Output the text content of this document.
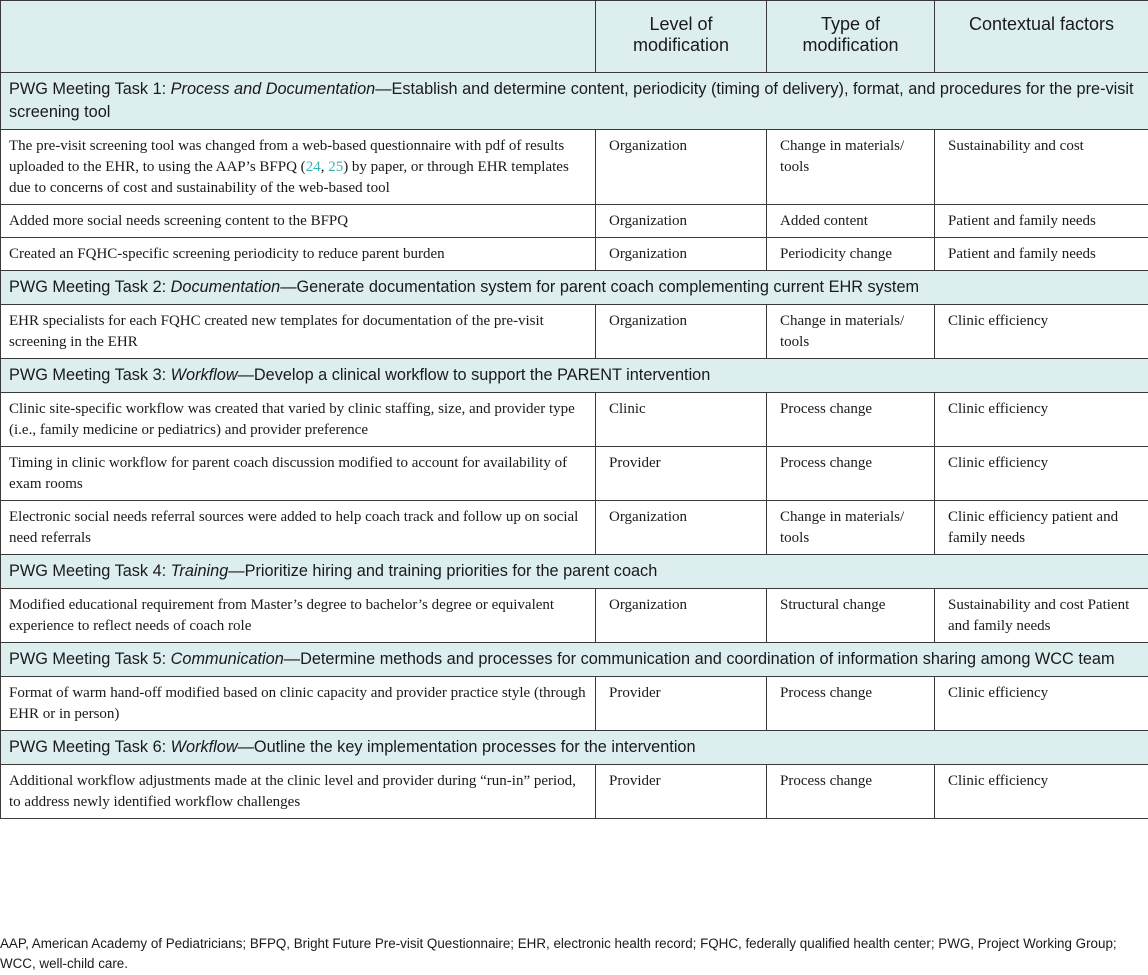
	Level of modification	Type of modification	Contextual factors
PWG Meeting Task 1: Process and Documentation—Establish and determine content, periodicity (timing of delivery), format, and procedures for the pre-visit screening tool			
The pre-visit screening tool was changed from a web-based questionnaire with pdf of results uploaded to the EHR, to using the AAP’s BFPQ (24, 25) by paper, or through EHR templates due to concerns of cost and sustainability of the web-based tool	Organization	Change in materials/ tools	Sustainability and cost
Added more social needs screening content to the BFPQ	Organization	Added content	Patient and family needs
Created an FQHC-specific screening periodicity to reduce parent burden	Organization	Periodicity change	Patient and family needs
PWG Meeting Task 2: Documentation—Generate documentation system for parent coach complementing current EHR system			
EHR specialists for each FQHC created new templates for documentation of the pre-visit screening in the EHR	Organization	Change in materials/ tools	Clinic efficiency
PWG Meeting Task 3: Workflow—Develop a clinical workflow to support the PARENT intervention			
Clinic site-specific workflow was created that varied by clinic staffing, size, and provider type (i.e., family medicine or pediatrics) and provider preference	Clinic	Process change	Clinic efficiency
Timing in clinic workflow for parent coach discussion modified to account for availability of exam rooms	Provider	Process change	Clinic efficiency
Electronic social needs referral sources were added to help coach track and follow up on social need referrals	Organization	Change in materials/ tools	Clinic efficiency patient and family needs
PWG Meeting Task 4: Training—Prioritize hiring and training priorities for the parent coach			
Modified educational requirement from Master’s degree to bachelor’s degree or equivalent experience to reflect needs of coach role	Organization	Structural change	Sustainability and cost Patient and family needs
PWG Meeting Task 5: Communication—Determine methods and processes for communication and coordination of information sharing among WCC team			
Format of warm hand-off modified based on clinic capacity and provider practice style (through EHR or in person)	Provider	Process change	Clinic efficiency
PWG Meeting Task 6: Workflow—Outline the key implementation processes for the intervention			
Additional workflow adjustments made at the clinic level and provider during “run-in” period, to address newly identified workflow challenges	Provider	Process change	Clinic efficiency
AAP, American Academy of Pediatricians; BFPQ, Bright Future Pre-visit Questionnaire; EHR, electronic health record; FQHC, federally qualified health center; PWG, Project Working Group; WCC, well-child care.
